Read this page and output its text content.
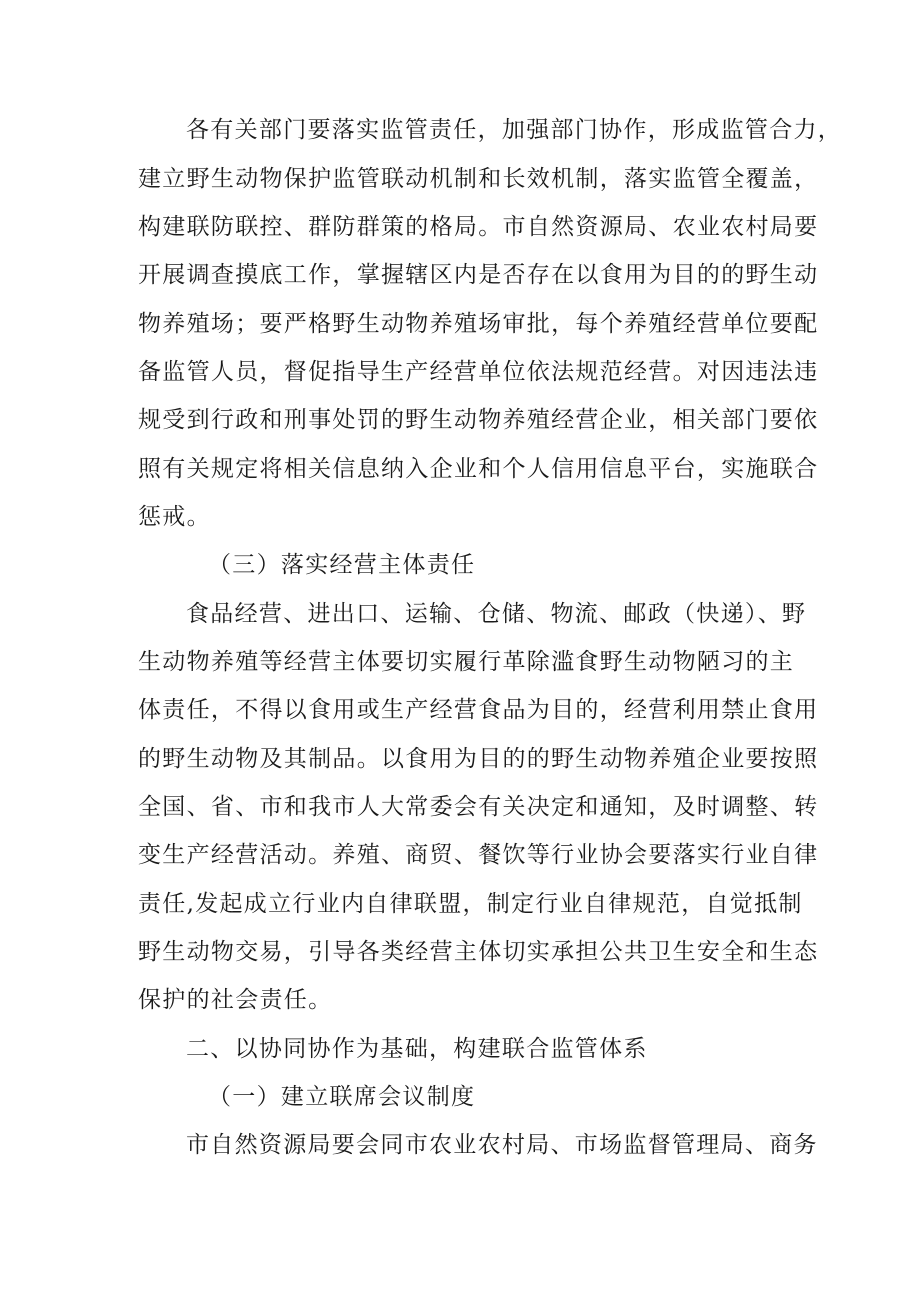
各有关部门要落实监管责任，加强部门协作，形成监管合力，
建立野生动物保护监管联动机制和长效机制，落实监管全覆盖，
构建联防联控、群防群策的格局。市自然资源局、农业农村局要
开展调查摸底工作，掌握辖区内是否存在以食用为目的的野生动
物养殖场；要严格野生动物养殖场审批，每个养殖经营单位要配
备监管人员，督促指导生产经营单位依法规范经营。对因违法违
规受到行政和刑事处罚的野生动物养殖经营企业，相关部门要依
照有关规定将相关信息纳入企业和个人信用信息平台，实施联合
惩戒。
（三）落实经营主体责任
食品经营、进出口、运输、仓储、物流、邮政（快递）、野
生动物养殖等经营主体要切实履行革除滥食野生动物陋习的主
体责任，不得以食用或生产经营食品为目的，经营利用禁止食用
的野生动物及其制品。以食用为目的的野生动物养殖企业要按照
全国、省、市和我市人大常委会有关决定和通知，及时调整、转
变生产经营活动。养殖、商贸、餐饮等行业协会要落实行业自律
责任,发起成立行业内自律联盟，制定行业自律规范，自觉抵制
野生动物交易，引导各类经营主体切实承担公共卫生安全和生态
保护的社会责任。
二、以协同协作为基础，构建联合监管体系
（一）建立联席会议制度
市自然资源局要会同市农业农村局、市场监督管理局、商务
